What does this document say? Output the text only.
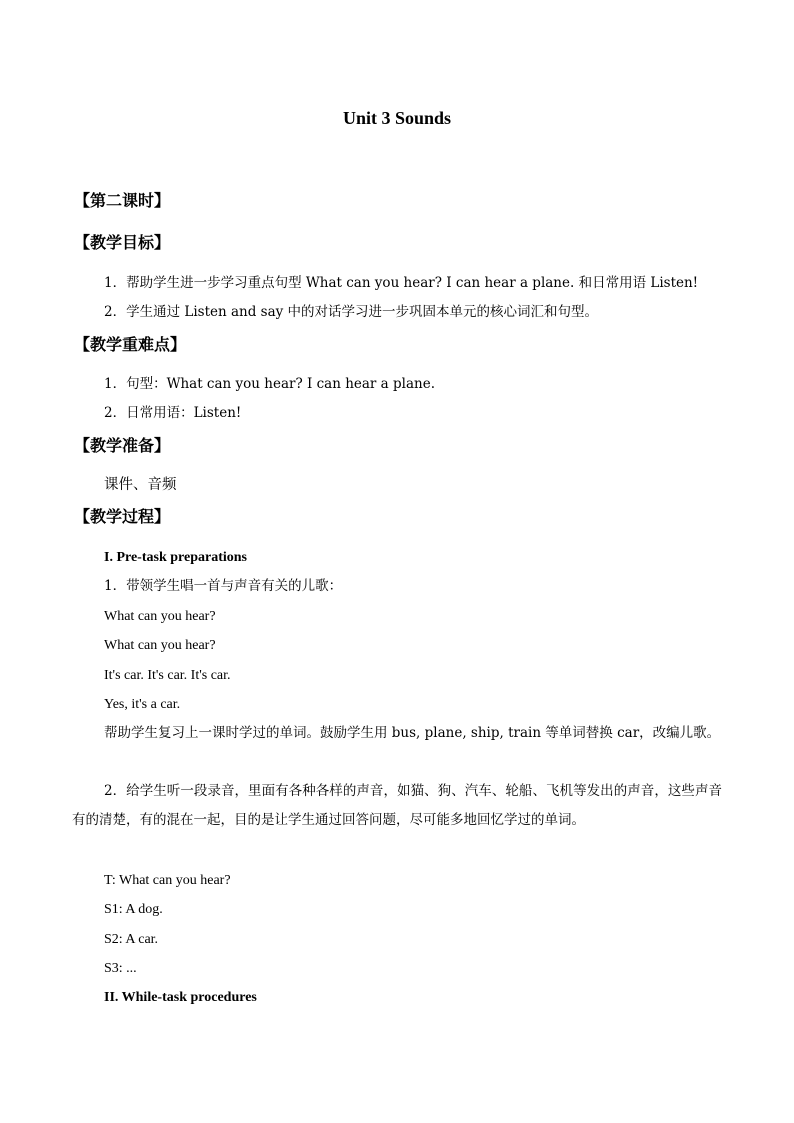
Unit 3 Sounds
【第二课时】
【教学目标】
1．帮助学生进一步学习重点句型 What can you hear? I can hear a plane. 和日常用语 Listen!
2．学生通过 Listen and say 中的对话学习进一步巩固本单元的核心词汇和句型。
【教学重难点】
1．句型：What can you hear? I can hear a plane.
2．日常用语：Listen!
【教学准备】
课件、音频
【教学过程】
I. Pre-task preparations
1．带领学生唱一首与声音有关的儿歌：
What can you hear?
What can you hear?
It's car. It's car. It's car.
Yes, it's a car.

帮助学生复习上一课时学过的单词。鼓励学生用 bus, plane, ship, train 等单词替换 car，改编儿歌。

2．给学生听一段录音，里面有各种各样的声音，如猫、狗、汽车、轮船、飞机等发出的声音，这些声音有的清楚，有的混在一起，目的是让学生通过回答问题，尽可能多地回忆学过的单词。

T: What can you hear?
S1: A dog.
S2: A car.
S3: ...
II. While-task procedures
